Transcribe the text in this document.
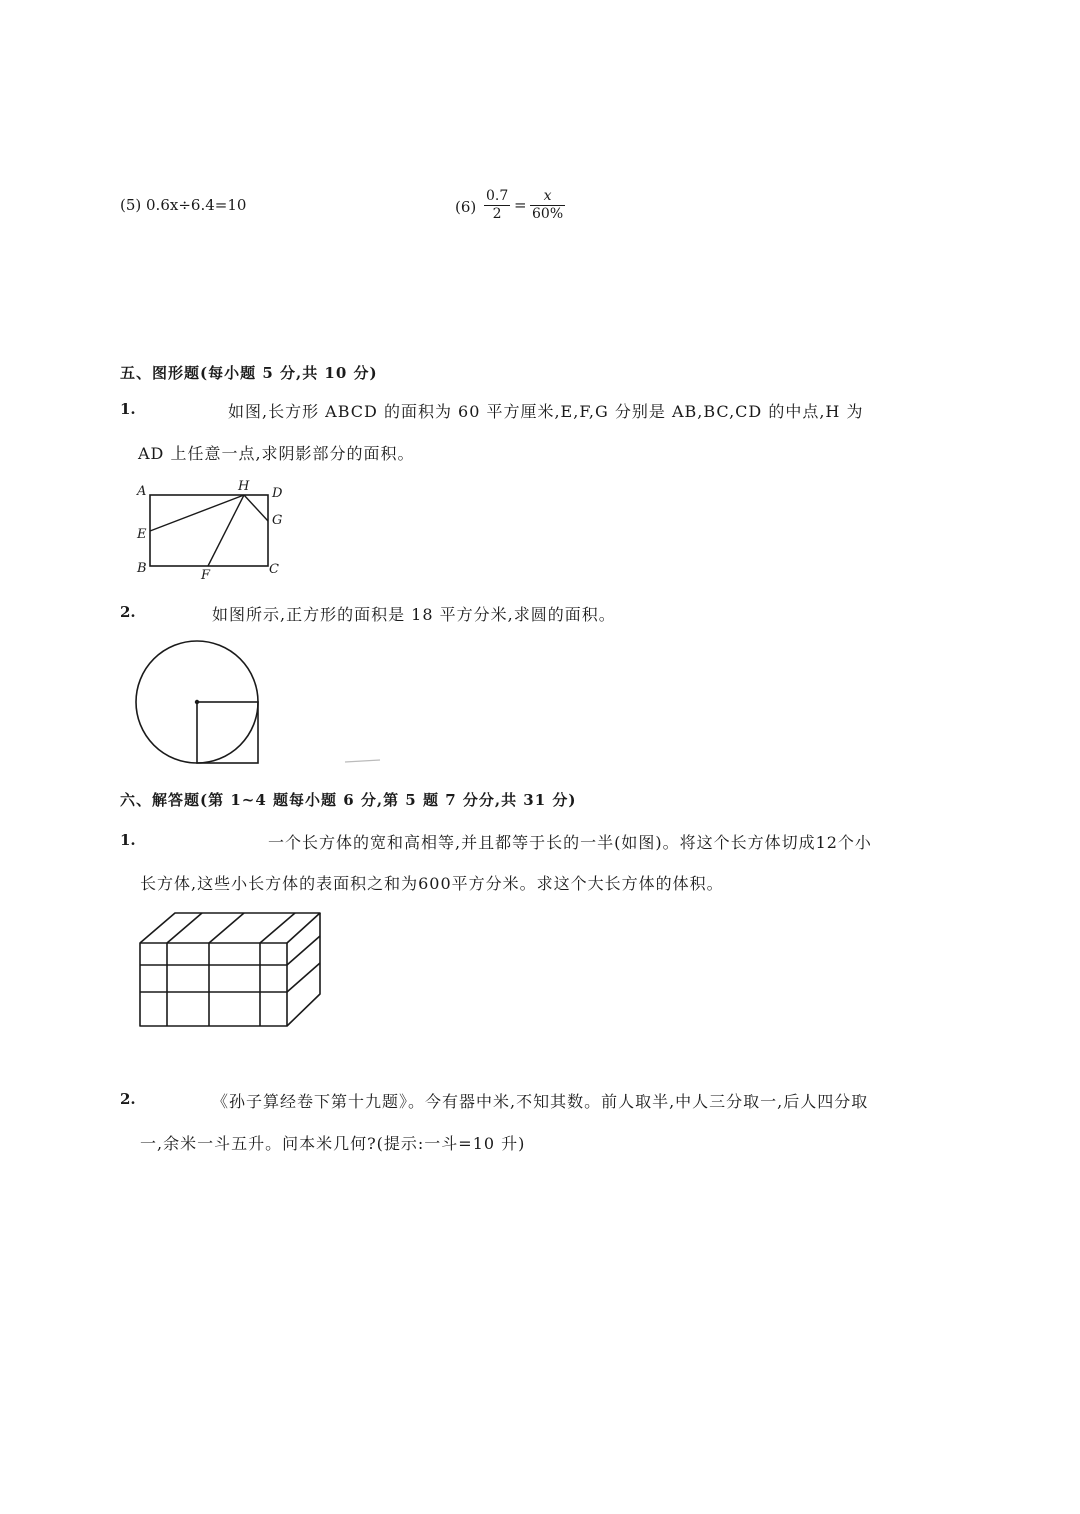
(5) 0.6x÷6.4=10	$(6) \frac{0.7}{2} = \frac{x}{60\%}$
五、图形题(每小题 5 分,共 10 分)
1.	如图,长方形 ABCD 的面积为 60 平方厘米,E,F,G 分别是 AB,BC,CD 的中点,H 为
AD 上任意一点,求阴影部分的面积。
A	H D
G
E
B	F	C
2.	如图所示,正方形的面积是 18 平方分米,求圆的面积。
六、解答题(第 1~4 题每小题 6 分,第 5 题 7 分分,共 31 分)
1.	一个长方体的宽和高相等,并且都等于长的一半(如图)。将这个长方体切成12个小
长方体,这些小长方体的表面积之和为600平方分米。求这个大长方体的体积。
2.	《孙子算经卷下第十九题》。今有器中米,不知其数。前人取半,中人三分取一,后人四分取
一,余米一斗五升。问本米几何?(提示:一斗=10 升)
